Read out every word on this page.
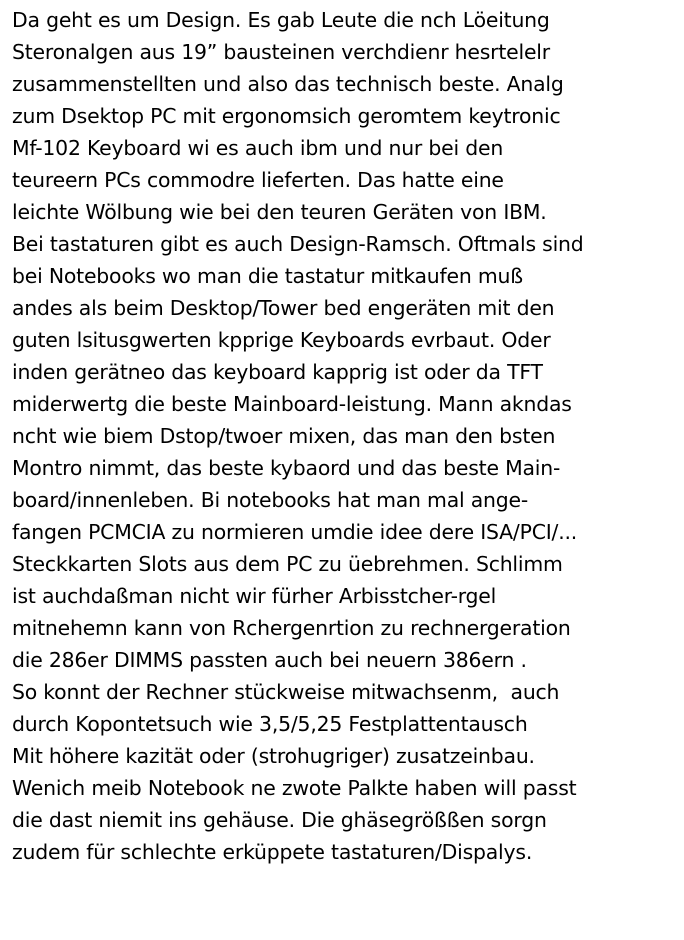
Da geht es um Design. Es gab Leute die nch Löeitung
Steronalgen aus 19” bausteinen verchdienr hesrtelelr
zusammenstellten und also das technisch beste. Analg
zum Dsektop PC mit ergonomsich geromtem keytronic
Mf-102 Keyboard wi es auch ibm und nur bei den
teureern PCs commodre lieferten. Das hatte eine
leichte Wölbung wie bei den teuren Geräten von IBM.
Bei tastaturen gibt es auch Design-Ramsch. Oftmals sind
bei Notebooks wo man die tastatur mitkaufen muß
andes als beim Desktop/Tower bed engeräten mit den
guten lsitusgwerten kpprige Keyboards evrbaut. Oder
inden gerätneo das keyboard kapprig ist oder da TFT
miderwertg die beste Mainboard-leistung. Mann akndas
ncht wie biem Dstop/twoer mixen, das man den bsten
Montro nimmt, das beste kybaord und das beste Main-
board/innenleben. Bi notebooks hat man mal ange-
fangen PCMCIA zu normieren umdie idee dere ISA/PCI/...
Steckkarten Slots aus dem PC zu üebrehmen. Schlimm
ist auchdaßman nicht wir fürher Arbisstcher-rgel
mitnehemn kann von Rchergenrtion zu rechnergeration
die 286er DIMMS passten auch bei neuern 386ern .
So konnt der Rechner stückweise mitwachsenm,  auch
durch Kopontetsuch wie 3,5/5,25 Festplattentausch
Mit höhere kazität oder (strohugriger) zusatzeinbau.
Wenich meib Notebook ne zwote Palkte haben will passt
die dast niemit ins gehäuse. Die ghäsegrößßen sorgn
zudem für schlechte erküppete tastaturen/Dispalys.
